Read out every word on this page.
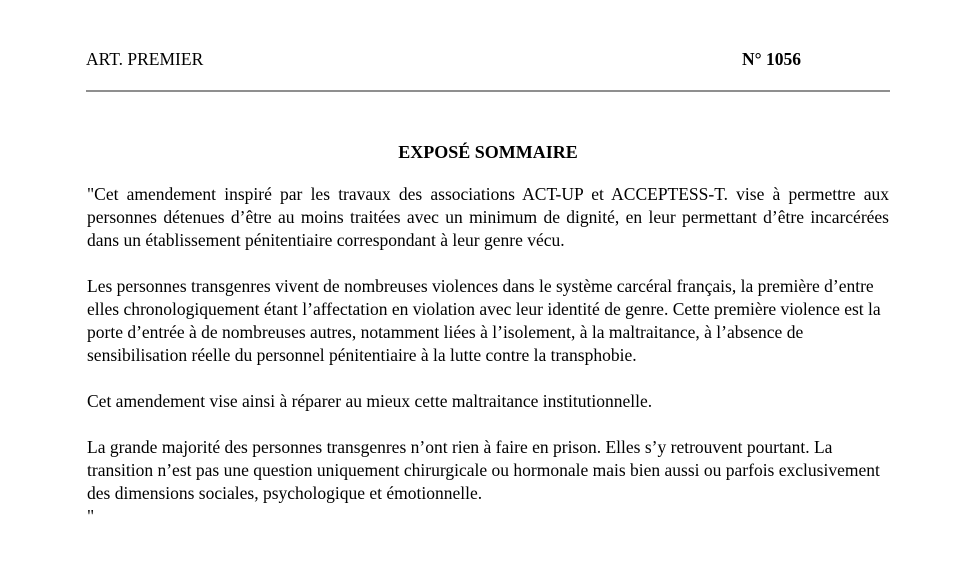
ART. PREMIER	N° 1056
EXPOSÉ SOMMAIRE

"Cet amendement inspiré par les travaux des associations ACT-UP et ACCEPTESS-T. vise à permettre aux personnes détenues d’être au moins traitées avec un minimum de dignité, en leur permettant d’être incarcérées dans un établissement pénitentiaire correspondant à leur genre vécu.

Les personnes transgenres vivent de nombreuses violences dans le système carcéral français, la première d’entre elles chronologiquement étant l’affectation en violation avec leur identité de genre. Cette première violence est la porte d’entrée à de nombreuses autres, notamment liées à l’isolement, à la maltraitance, à l’absence de sensibilisation réelle du personnel pénitentiaire à la lutte contre la transphobie.

Cet amendement vise ainsi à réparer au mieux cette maltraitance institutionnelle.

La grande majorité des personnes transgenres n’ont rien à faire en prison. Elles s’y retrouvent pourtant. La transition n’est pas une question uniquement chirurgicale ou hormonale mais bien aussi ou parfois exclusivement des dimensions sociales, psychologique et émotionnelle.

"
